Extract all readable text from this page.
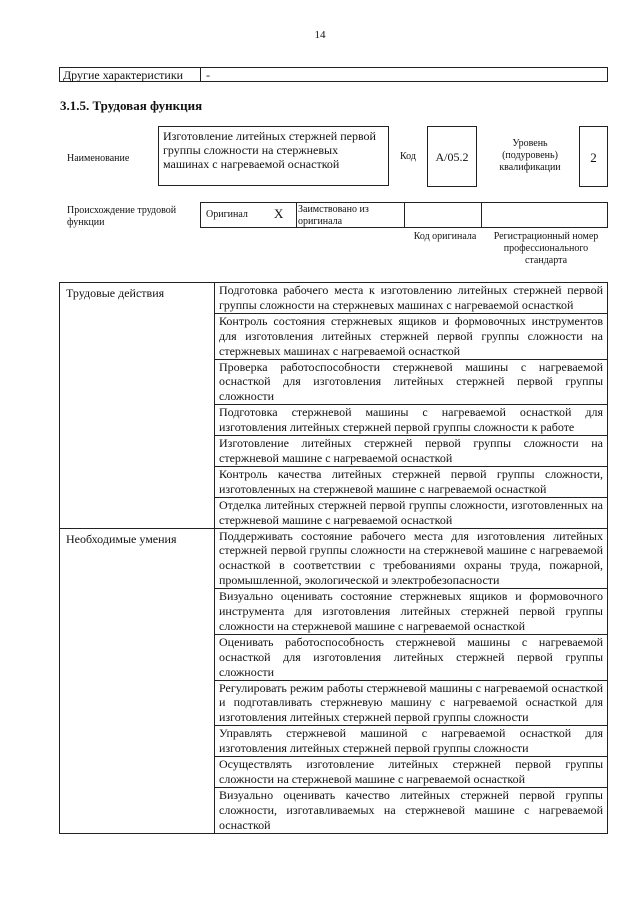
14
Другие характеристики -
3.1.5. Трудовая функция
Наименование
Изготовление литейных стержней первой группы сложности на стержневых машинах с нагреваемой оснасткой
Код	A/05.2
Уровень (подуровень) квалификации
2
Происхождение трудовой функции
Оригинал X Заимствовано из оригинала
Код оригинала	Регистрационный номер профессионального стандарта
Трудовые действия	Подготовка рабочего места к изготовлению литейных стержней первой группы сложности на стержневых машинах с нагреваемой оснасткой
	Контроль состояния стержневых ящиков и формовочных инструментов для изготовления литейных стержней первой группы сложности на стержневых машинах с нагреваемой оснасткой
	Проверка работоспособности стержневой машины с нагреваемой оснасткой для изготовления литейных стержней первой группы сложности
	Подготовка стержневой машины с нагреваемой оснасткой для изготовления литейных стержней первой группы сложности к работе
	Изготовление литейных стержней первой группы сложности на стержневой машине с нагреваемой оснасткой
	Контроль качества литейных стержней первой группы сложности, изготовленных на стержневой машине с нагреваемой оснасткой
	Отделка литейных стержней первой группы сложности, изготовленных на стержневой машине с нагреваемой оснасткой
Необходимые умения	Поддерживать состояние рабочего места для изготовления литейных стержней первой группы сложности на стержневой машине с нагреваемой оснасткой в соответствии с требованиями охраны труда, пожарной, промышленной, экологической и электробезопасности
	Визуально оценивать состояние стержневых ящиков и формовочного инструмента для изготовления литейных стержней первой группы сложности на стержневой машине с нагреваемой оснасткой
	Оценивать работоспособность стержневой машины с нагреваемой оснасткой для изготовления литейных стержней первой группы сложности
	Регулировать режим работы стержневой машины с нагреваемой оснасткой и подготавливать стержневую машину с нагреваемой оснасткой для изготовления литейных стержней первой группы сложности
	Управлять стержневой машиной с нагреваемой оснасткой для изготовления литейных стержней первой группы сложности
	Осуществлять изготовление литейных стержней первой группы сложности на стержневой машине с нагреваемой оснасткой
	Визуально оценивать качество литейных стержней первой группы сложности, изготавливаемых на стержневой машине с нагреваемой оснасткой
